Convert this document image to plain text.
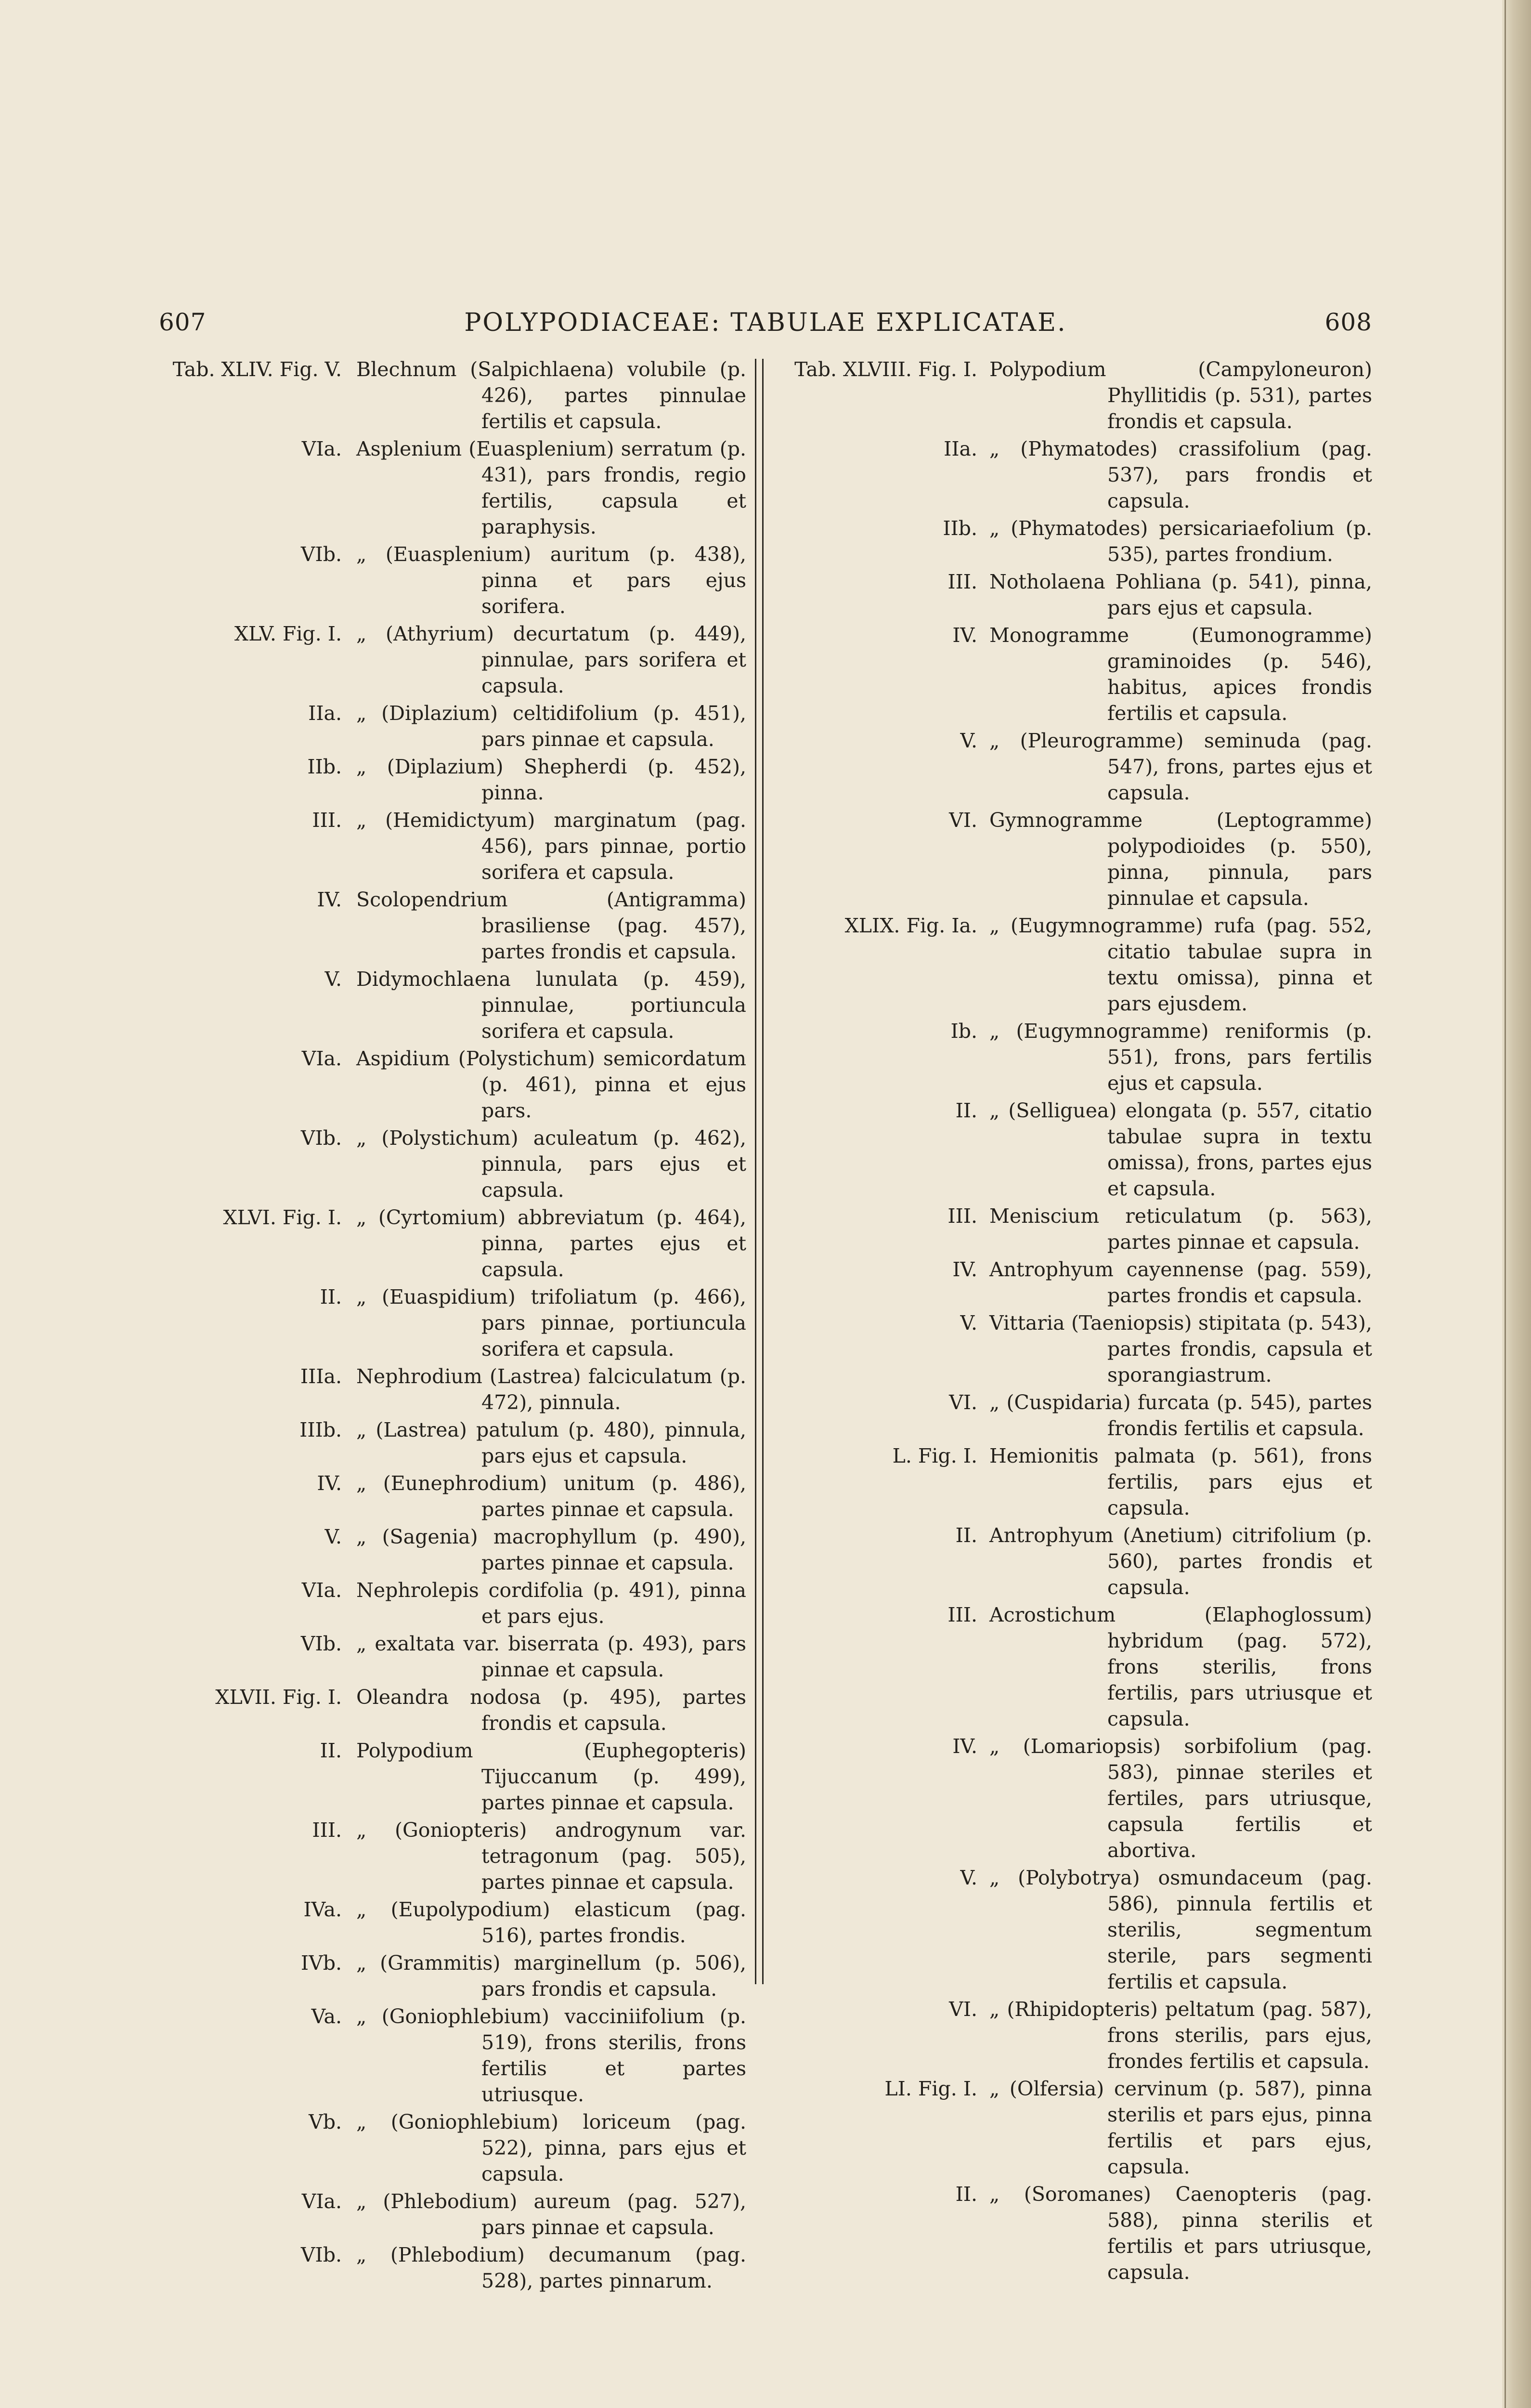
607	POLYPODIACEAE: TABULAE EXPLICATAE.	608
Tab. XLIV. Fig. V. Blechnum (Salpichlaena) volubile (p. 426), partes pinnulae fertilis et capsula.
VIa. Asplenium (Euasplenium) serratum (p. 431), pars frondis, regio fertilis, capsula et paraphysis.
VIb. „ (Euasplenium) auritum (p. 438), pinna et pars ejus sorifera.
XLV. Fig. I. „ (Athyrium) decurtatum (p. 449), pinnulae, pars sorifera et capsula.
IIa. „ (Diplazium) celtidifolium (p. 451), pars pinnae et capsula.
IIb. „ (Diplazium) Shepherdi (p. 452), pinna.
III. „ (Hemidictyum) marginatum (pag. 456), pars pinnae, portio sorifera et capsula.
IV. Scolopendrium (Antigramma) brasiliense (pag. 457), partes frondis et capsula.
V. Didymochlaena lunulata (p. 459), pinnulae, portiuncula sorifera et capsula.
VIa. Aspidium (Polystichum) semicordatum (p. 461), pinna et ejus pars.
VIb. „ (Polystichum) aculeatum (p. 462), pinnula, pars ejus et capsula.
XLVI. Fig. I. „ (Cyrtomium) abbreviatum (p. 464), pinna, partes ejus et capsula.
II. „ (Euaspidium) trifoliatum (p. 466), pars pinnae, portiuncula sorifera et capsula.
IIIa. Nephrodium (Lastrea) falciculatum (p. 472), pinnula.
IIIb. „ (Lastrea) patulum (p. 480), pinnula, pars ejus et capsula.
IV. „ (Eunephrodium) unitum (p. 486), partes pinnae et capsula.
V. „ (Sagenia) macrophyllum (p. 490), partes pinnae et capsula.
VIa. Nephrolepis cordifolia (p. 491), pinna et pars ejus.
VIb. „ exaltata var. biserrata (p. 493), pars pinnae et capsula.
XLVII. Fig. I. Oleandra nodosa (p. 495), partes frondis et capsula.
II. Polypodium (Euphegopteris) Tijuccanum (p. 499), partes pinnae et capsula.
III. „ (Goniopteris) androgynum var. tetragonum (pag. 505), partes pinnae et capsula.
IVa. „ (Eupolypodium) elasticum (pag. 516), partes frondis.
IVb. „ (Grammitis) marginellum (p. 506), pars frondis et capsula.
Va. „ (Goniophlebium) vacciniifolium (p. 519), frons sterilis, frons fertilis et partes utriusque.
Vb. „ (Goniophlebium) loriceum (pag. 522), pinna, pars ejus et capsula.
VIa. „ (Phlebodium) aureum (pag. 527), pars pinnae et capsula.
VIb. „ (Phlebodium) decumanum (pag. 528), partes pinnarum.
Tab. XLVIII. Fig. I. Polypodium (Campyloneuron) Phyllitidis (p. 531), partes frondis et capsula.
IIa. „ (Phymatodes) crassifolium (pag. 537), pars frondis et capsula.
IIb. „ (Phymatodes) persicariaefolium (p. 535), partes frondium.
III. Notholaena Pohliana (p. 541), pinna, pars ejus et capsula.
IV. Monogramme (Eumonogramme) graminoides (p. 546), habitus, apices frondis fertilis et capsula.
V. „ (Pleurogramme) seminuda (pag. 547), frons, partes ejus et capsula.
VI. Gymnogramme (Leptogramme) polypodioides (p. 550), pinna, pinnula, pars pinnulae et capsula.
XLIX. Fig. Ia. „ (Eugymnogramme) rufa (pag. 552, citatio tabulae supra in textu omissa), pinna et pars ejusdem.
Ib. „ (Eugymnogramme) reniformis (p. 551), frons, pars fertilis ejus et capsula.
II. „ (Selliguea) elongata (p. 557, citatio tabulae supra in textu omissa), frons, partes ejus et capsula.
III. Meniscium reticulatum (p. 563), partes pinnae et capsula.
IV. Antrophyum cayennense (pag. 559), partes frondis et capsula.
V. Vittaria (Taeniopsis) stipitata (p. 543), partes frondis, capsula et sporangiastrum.
VI. „ (Cuspidaria) furcata (p. 545), partes frondis fertilis et capsula.
L. Fig. I. Hemionitis palmata (p. 561), frons fertilis, pars ejus et capsula.
II. Antrophyum (Anetium) citrifolium (p. 560), partes frondis et capsula.
III. Acrostichum (Elaphoglossum) hybridum (pag. 572), frons sterilis, frons fertilis, pars utriusque et capsula.
IV. „ (Lomariopsis) sorbifolium (pag. 583), pinnae steriles et fertiles, pars utriusque, capsula fertilis et abortiva.
V. „ (Polybotrya) osmundaceum (pag. 586), pinnula fertilis et sterilis, segmentum sterile, pars segmenti fertilis et capsula.
VI. „ (Rhipidopteris) peltatum (pag. 587), frons sterilis, pars ejus, frondes fertilis et capsula.
LI. Fig. I. „ (Olfersia) cervinum (p. 587), pinna sterilis et pars ejus, pinna fertilis et pars ejus, capsula.
II. „ (Soromanes) Caenopteris (pag. 588), pinna sterilis et fertilis et pars utriusque, capsula.
